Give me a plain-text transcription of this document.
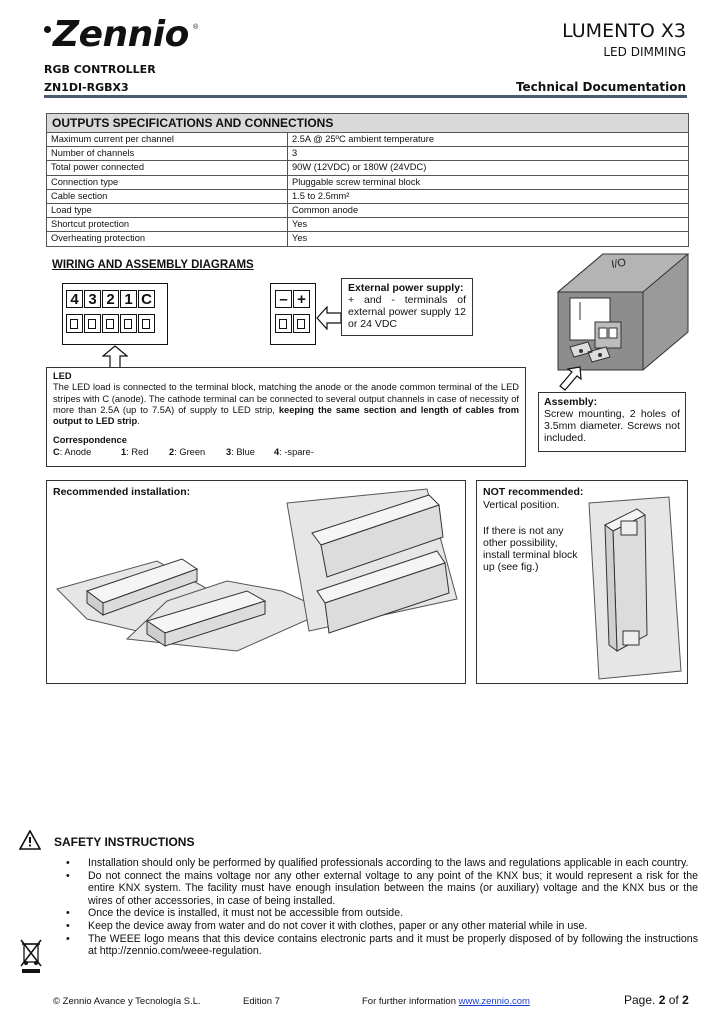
Zennio ®	LUMENTO X3
LED DIMMING
RGB CONTROLLER
ZN1DI-RGBX3	Technical Documentation
OUTPUTS SPECIFICATIONS AND CONNECTIONS	
Maximum current per channel	2.5A @ 25ºC ambient temperature
Number of channels	3
Total power connected	90W (12VDC) or 180W (24VDC)
Connection type	Pluggable screw terminal block
Cable section	1.5 to 2.5mm²
Load type	Common anode
Shortcut protection	Yes
Overheating protection	Yes
WIRING AND ASSEMBLY DIAGRAMS
4 3 2 1 C	– +
External power supply:
+ and - terminals of external power supply 12 or 24 VDC
LED
The LED load is connected to the terminal block, matching the anode or the anode common terminal of the LED stripes with C (anode). The cathode terminal can be connected to several output channels in case of necessity of more than 2.5A (up to 7.5A) of supply to LED strip, keeping the same section and length of cables from output to LED strip.
Correspondence
C: Anode	1: Red 2: Green 3: Blue 4: -spare-
I/O
Assembly:
Screw mounting, 2 holes of 3.5mm diameter. Screws not included.
Recommended installation:	NOT recommended:
Vertical position.
If there is not any other possibility, install terminal block up (see fig.)
SAFETY INSTRUCTIONS
• Installation should only be performed by qualified professionals according to the laws and regulations applicable in each country.
• Do not connect the mains voltage nor any other external voltage to any point of the KNX bus; it would represent a risk for the entire KNX system. The facility must have enough insulation between the mains (or auxiliary) voltage and the KNX bus or the wires of other accessories, in case of being installed.
• Once the device is installed, it must not be accessible from outside.
• Keep the device away from water and do not cover it with clothes, paper or any other material while in use.
• The WEEE logo means that this device contains electronic parts and it must be properly disposed of by following the instructions at http://zennio.com/weee-regulation.
© Zennio Avance y Tecnología S.L.	Edition 7	For further information www.zennio.com	Page. 2 of 2
